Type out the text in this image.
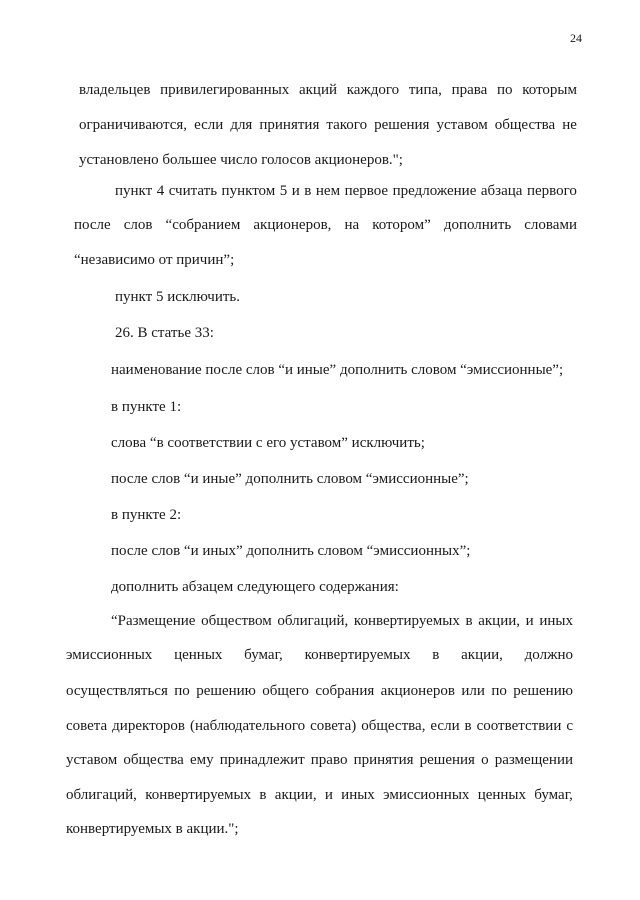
24
владельцев привилегированных акций каждого типа, права по которым
ограничиваются, если для принятия такого решения уставом общества не
установлено большее число голосов акционеров.";
пункт 4 считать пунктом 5 и в нем первое предложение абзаца первого
после слов “собранием акционеров, на котором” дополнить словами
“независимо от причин”;
пункт 5 исключить.
26. В статье 33:
наименование после слов “и иные” дополнить словом “эмиссионные”;
в пункте 1:
слова “в соответствии с его уставом” исключить;
после слов “и иные” дополнить словом “эмиссионные”;
в пункте 2:
после слов “и иных” дополнить словом “эмиссионных”;
дополнить абзацем следующего содержания:
“Размещение обществом облигаций, конвертируемых в акции, и иных
эмиссионных ценных бумаг, конвертируемых в акции, должно
осуществляться по решению общего собрания акционеров или по решению
совета директоров (наблюдательного совета) общества, если в соответствии с
уставом общества ему принадлежит право принятия решения о размещении
облигаций, конвертируемых в акции, и иных эмиссионных ценных бумаг,
конвертируемых в акции.";
